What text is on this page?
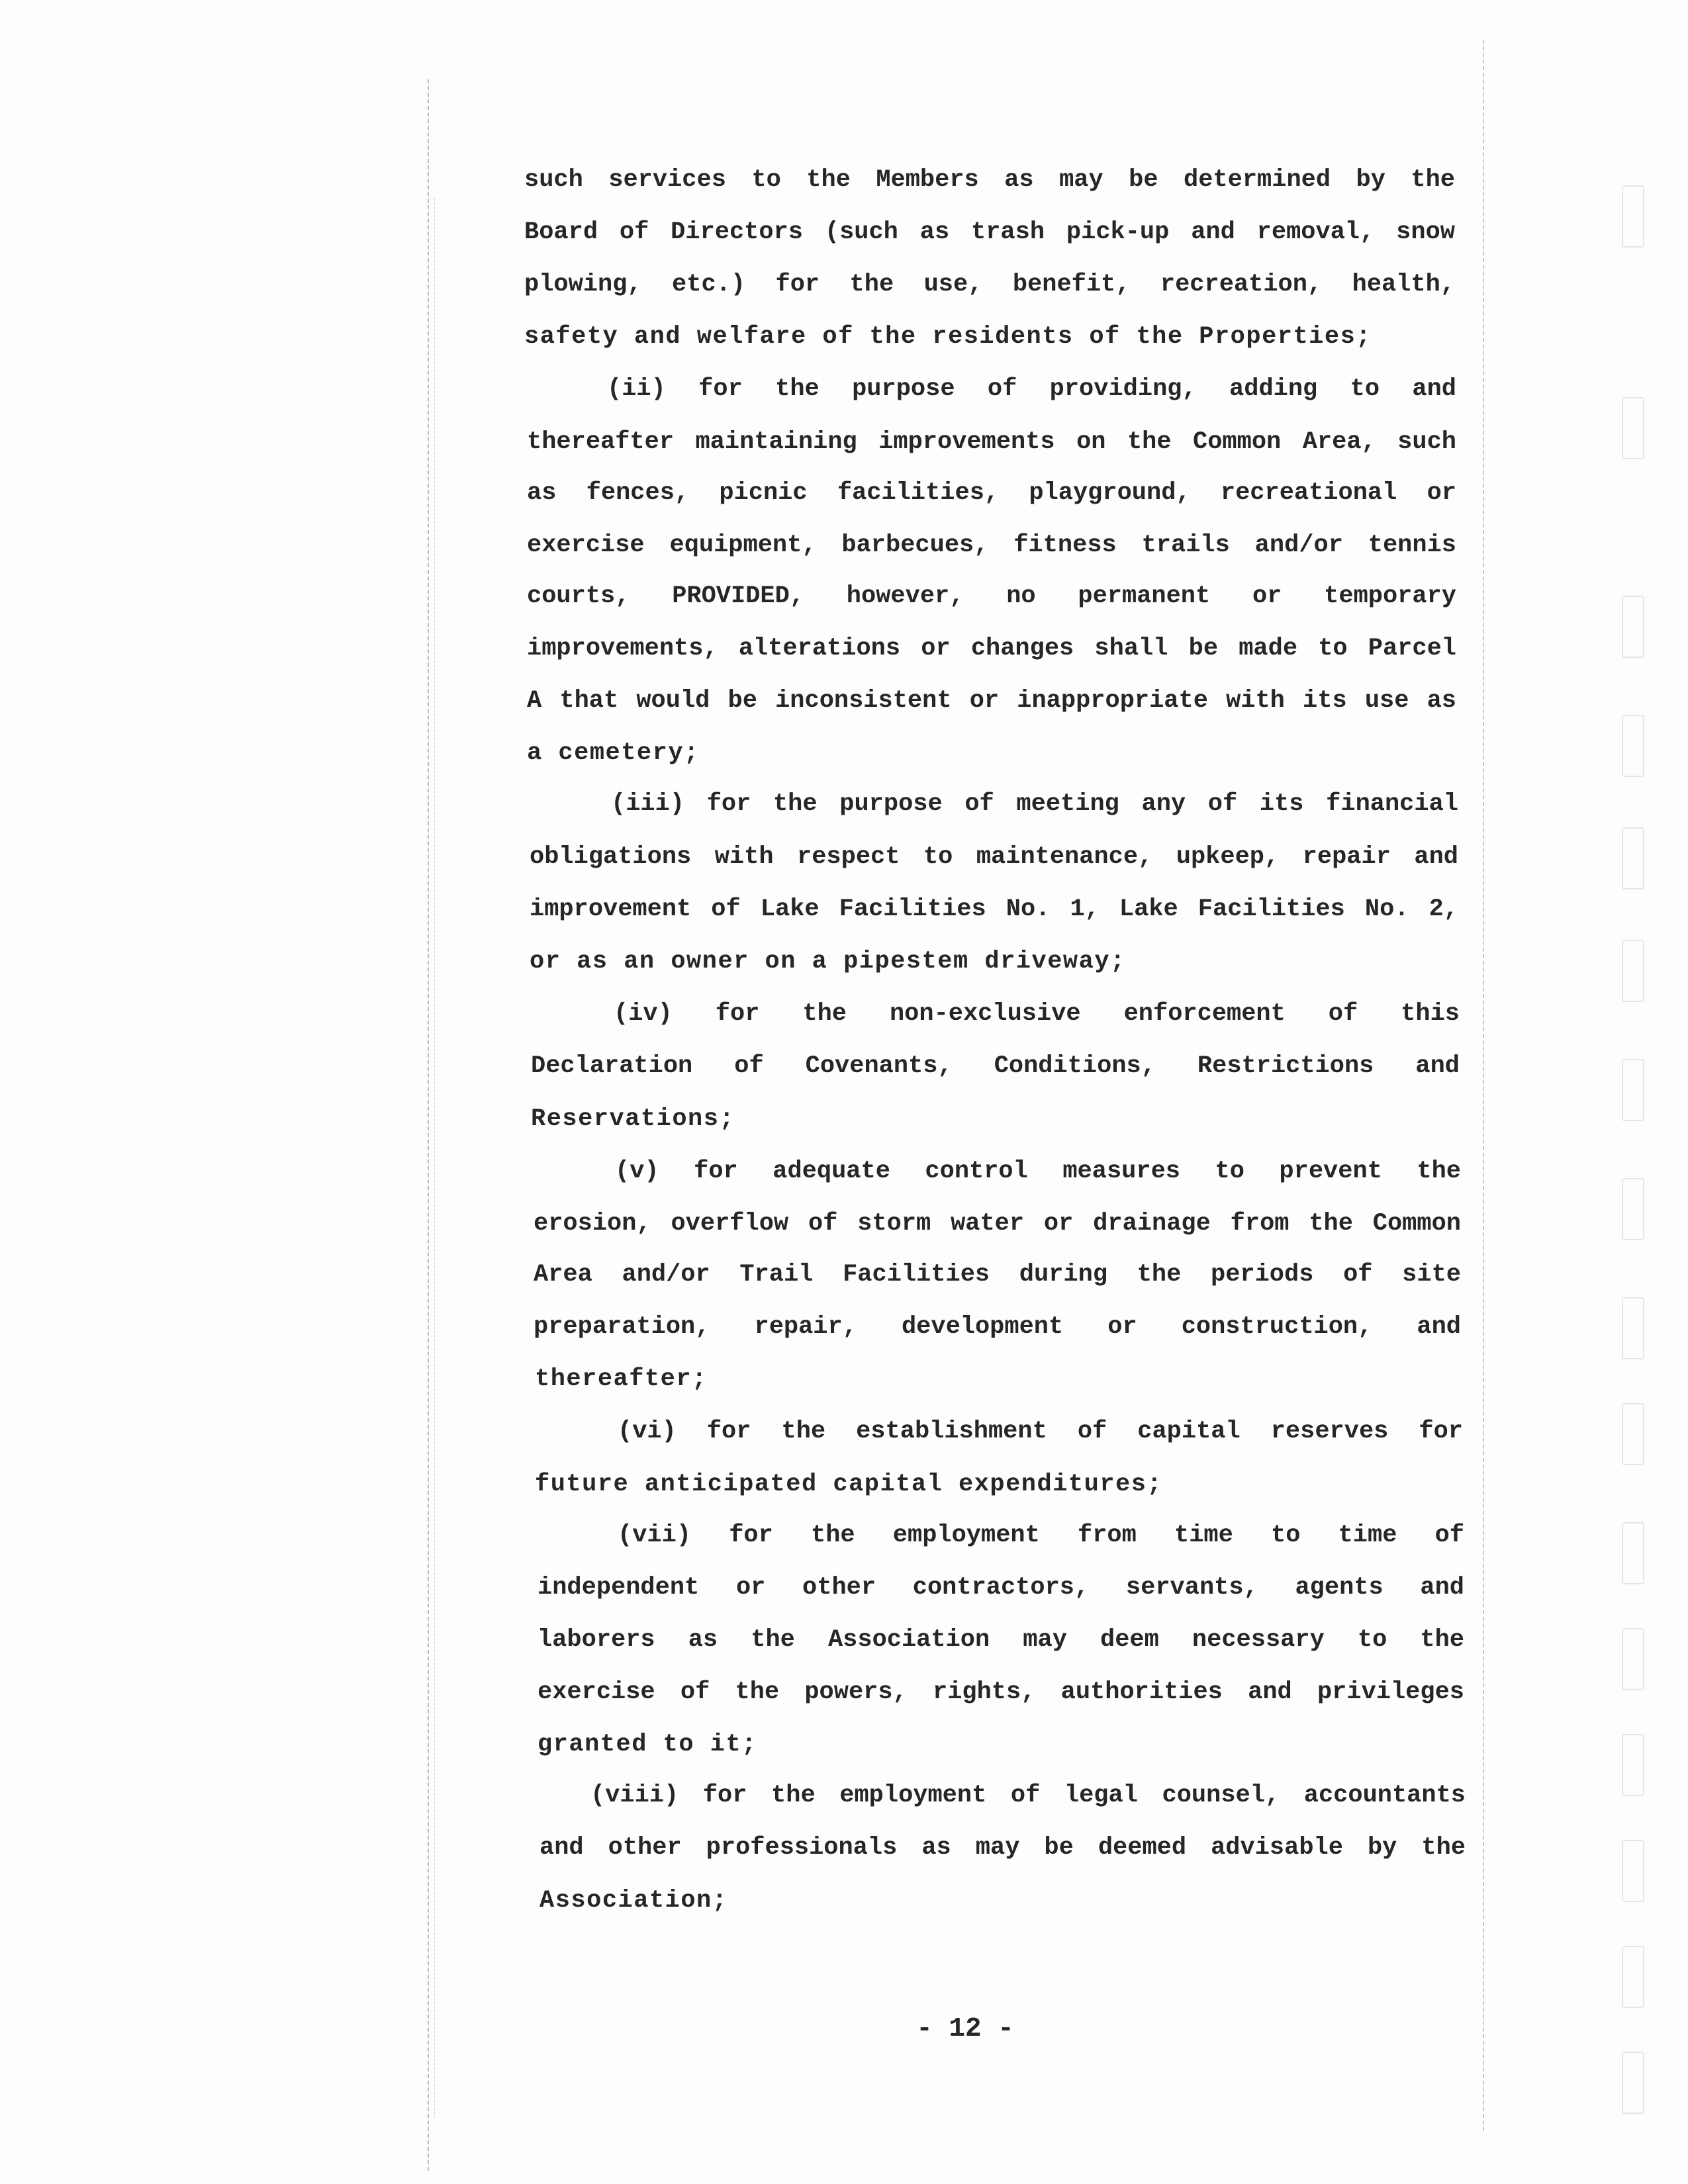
such services to the Members as may be determined by the
Board of Directors (such as trash pick-up and removal, snow
plowing, etc.) for the use, benefit, recreation, health,
safety and welfare of the residents of the Properties;
(ii) for the purpose of providing, adding to and
thereafter maintaining improvements on the Common Area, such
as fences, picnic facilities, playground, recreational or
exercise equipment, barbecues, fitness trails and/or tennis
courts, PROVIDED, however, no permanent or temporary
improvements, alterations or changes shall be made to Parcel
A that would be inconsistent or inappropriate with its use as
a cemetery;
(iii) for the purpose of meeting any of its financial
obligations with respect to maintenance, upkeep, repair and
improvement of Lake Facilities No. 1, Lake Facilities No. 2,
or as an owner on a pipestem driveway;
(iv) for the non-exclusive enforcement of this
Declaration of Covenants, Conditions, Restrictions and
Reservations;
(v) for adequate control measures to prevent the
erosion, overflow of storm water or drainage from the Common
Area and/or Trail Facilities during the periods of site
preparation, repair, development or construction, and
thereafter;
(vi) for the establishment of capital reserves for
future anticipated capital expenditures;
(vii) for the employment from time to time of
independent or other contractors, servants, agents and
laborers as the Association may deem necessary to the
exercise of the powers, rights, authorities and privileges
granted to it;
(viii) for the employment of legal counsel, accountants
and other professionals as may be deemed advisable by the
Association;
- 12 -
